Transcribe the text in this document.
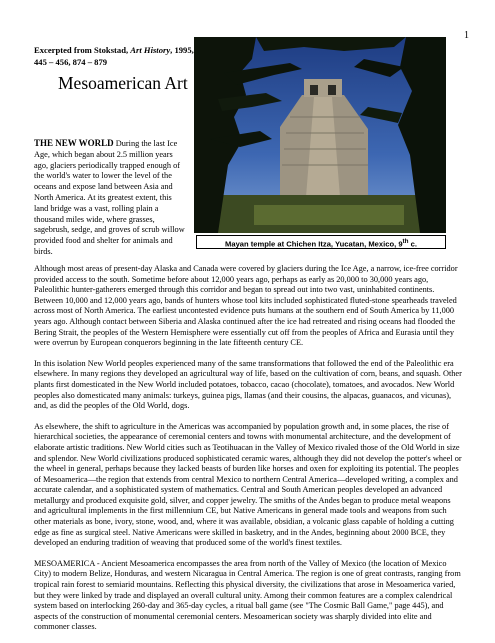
1
Excerpted from Stokstad, Art History, 1995, 445 – 456, 874 – 879
Mesoamerican Art
THE NEW WORLD During the last Ice Age, which began about 2.5 million years ago, glaciers periodically trapped enough of the world's water to lower the level of the oceans and expose land between Asia and North America. At its greatest extent, this land bridge was a vast, rolling plain a thousand miles wide, where grasses, sagebrush, sedge, and groves of scrub willow provided food and shelter for animals and birds.
Mayan temple at Chichen Itza, Yucatan, Mexico, 9th c.

Although most areas of present-day Alaska and Canada were covered by glaciers during the Ice Age, a narrow, ice-free corridor provided access to the south. Sometime before about 12,000 years ago, perhaps as early as 20,000 to 30,000 years ago, Paleolithic hunter-gatherers emerged through this corridor and began to spread out into two vast, uninhabited continents. Between 10,000 and 12,000 years ago, bands of hunters whose tool kits included sophisticated fluted-stone spearheads traveled across most of North America. The earliest uncontested evidence puts humans at the southern end of South America by 11,000 years ago. Although contact between Siberia and Alaska continued after the ice had retreated and rising oceans had flooded the Bering Strait, the peoples of the Western Hemisphere were essentially cut off from the peoples of Africa and Eurasia until they were overrun by European conquerors beginning in the late fifteenth century CE.

In this isolation New World peoples experienced many of the same transformations that followed the end of the Paleolithic era elsewhere. In many regions they developed an agricultural way of life, based on the cultivation of corn, beans, and squash. Other plants first domesticated in the New World included potatoes, tobacco, cacao (chocolate), tomatoes, and avocados. New World peoples also domesticated many animals: turkeys, guinea pigs, llamas (and their cousins, the alpacas, guanacos, and vicunas), and, as did the peoples of the Old World, dogs.

As elsewhere, the shift to agriculture in the Americas was accompanied by population growth and, in some places, the rise of hierarchical societies, the appearance of ceremonial centers and towns with monumental architecture, and the development of elaborate artistic traditions. New World cities such as Teotihuacan in the Valley of Mexico rivaled those of the Old World in size and splendor. New World civilizations produced sophisticated ceramic wares, although they did not develop the potter's wheel or the wheel in general, perhaps because they lacked beasts of burden like horses and oxen for exploiting its potential. The peoples of Mesoamerica—the region that extends from central Mexico to northern Central America—developed writing, a complex and accurate calendar, and a sophisticated system of mathematics. Central and South American peoples developed an advanced metallurgy and produced exquisite gold, silver, and copper jewelry. The smiths of the Andes began to produce metal weapons and agricultural implements in the first millennium CE, but Native Americans in general made tools and weapons from such other materials as bone, ivory, stone, wood, and, where it was available, obsidian, a volcanic glass capable of holding a cutting edge as fine as surgical steel. Native Americans were skilled in basketry, and in the Andes, beginning about 2000 BCE, they developed an enduring tradition of weaving that produced some of the world's finest textiles.

MESOAMERICA - Ancient Mesoamerica encompasses the area from north of the Valley of Mexico (the location of Mexico City) to modern Belize, Honduras, and western Nicaragua in Central America. The region is one of great contrasts, ranging from tropical rain forest to semiarid mountains. Reflecting this physical diversity, the civilizations that arose in Mesoamerica varied, but they were linked by trade and displayed an overall cultural unity. Among their common features are a complex calendrical system based on interlocking 260-day and 365-day cycles, a ritual ball game (see "The Cosmic Ball Game," page 445), and aspects of the construction of monumental ceremonial centers. Mesoamerican society was sharply divided into elite and commoner classes.
